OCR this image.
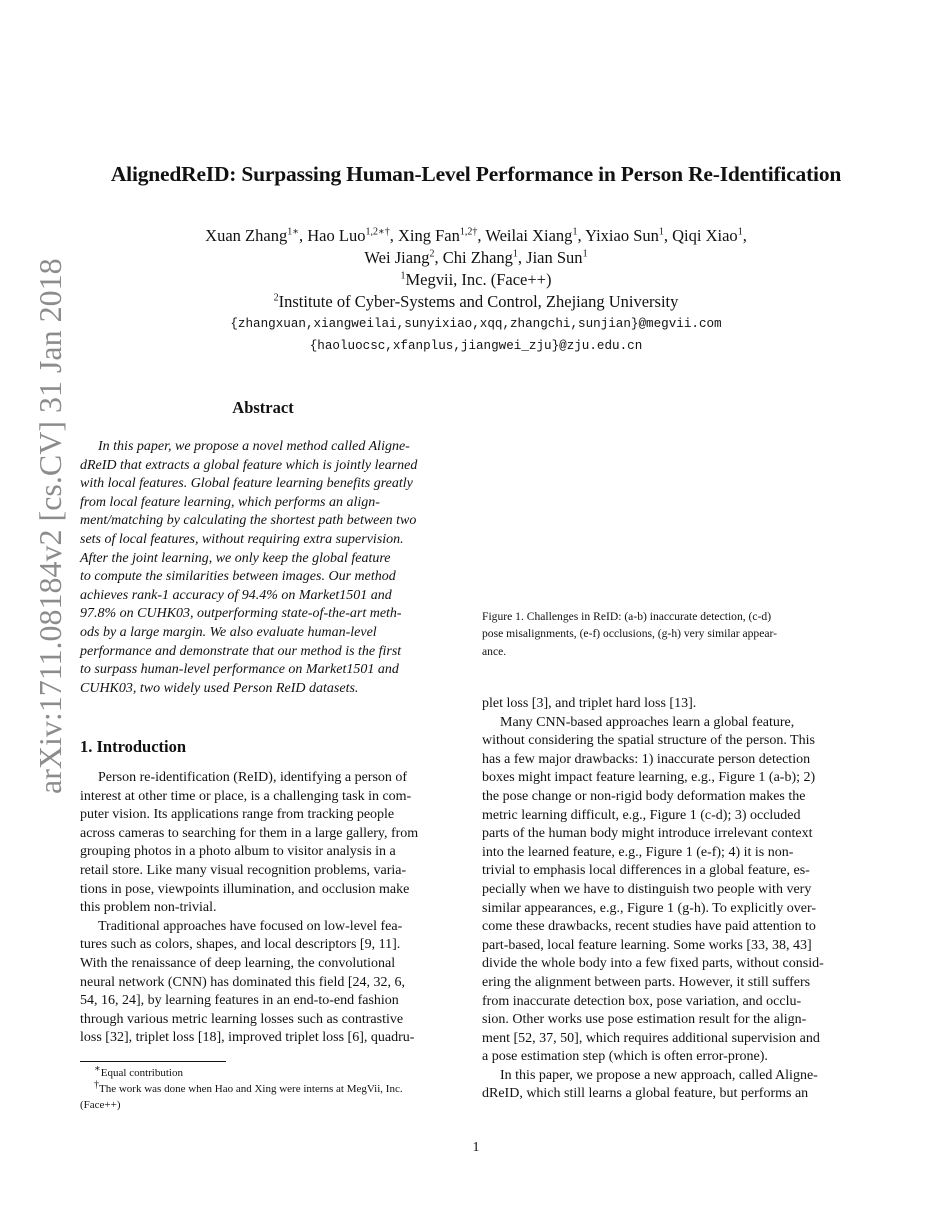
arXiv:1711.08184v2 [cs.CV] 31 Jan 2018
AlignedReID: Surpassing Human-Level Performance in Person Re-Identification
Xuan Zhang$^{1∗}$, Hao Luo$^{1,2∗\dagger}$, Xing Fan$^{1,2\dagger}$, Weilai Xiang$^1$, Yixiao Sun$^1$, Qiqi Xiao$^1$,
Wei Jiang$^2$, Chi Zhang$^1$, Jian Sun$^1$
$^1$Megvii, Inc. (Face++)
$^2$Institute of Cyber-Systems and Control, Zhejiang University
{zhangxuan,xiangweilai,sunyixiao,xqq,zhangchi,sunjian}@megvii.com
{haoluocsc,xfanplus,jiangwei_zju}@zju.edu.cn
Abstract
In this paper, we propose a novel method called Aligne-
dReID that extracts a global feature which is jointly learned
with local features. Global feature learning benefits greatly
from local feature learning, which performs an align-
ment/matching by calculating the shortest path between two
sets of local features, without requiring extra supervision.
After the joint learning, we only keep the global feature
to compute the similarities between images. Our method
achieves rank-1 accuracy of 94.4% on Market1501 and
97.8% on CUHK03, outperforming state-of-the-art meth-
ods by a large margin. We also evaluate human-level
performance and demonstrate that our method is the first
to surpass human-level performance on Market1501 and
CUHK03, two widely used Person ReID datasets.
1. Introduction
Person re-identification (ReID), identifying a person of
interest at other time or place, is a challenging task in com-
puter vision. Its applications range from tracking people
across cameras to searching for them in a large gallery, from
grouping photos in a photo album to visitor analysis in a
retail store. Like many visual recognition problems, varia-
tions in pose, viewpoints illumination, and occlusion make
this problem non-trivial.
Traditional approaches have focused on low-level fea-
tures such as colors, shapes, and local descriptors [9, 11].
With the renaissance of deep learning, the convolutional
neural network (CNN) has dominated this field [24, 32, 6,
54, 16, 24], by learning features in an end-to-end fashion
through various metric learning losses such as contrastive
loss [32], triplet loss [18], improved triplet loss [6], quadru-
∗Equal contribution
†The work was done when Hao and Xing were interns at MegVii, Inc.
(Face++)
Figure 1. Challenges in ReID: (a-b) inaccurate detection, (c-d)
pose misalignments, (e-f) occlusions, (g-h) very similar appear-
ance.
plet loss [3], and triplet hard loss [13].
Many CNN-based approaches learn a global feature,
without considering the spatial structure of the person. This
has a few major drawbacks: 1) inaccurate person detection
boxes might impact feature learning, e.g., Figure 1 (a-b); 2)
the pose change or non-rigid body deformation makes the
metric learning difficult, e.g., Figure 1 (c-d); 3) occluded
parts of the human body might introduce irrelevant context
into the learned feature, e.g., Figure 1 (e-f); 4) it is non-
trivial to emphasis local differences in a global feature, es-
pecially when we have to distinguish two people with very
similar appearances, e.g., Figure 1 (g-h). To explicitly over-
come these drawbacks, recent studies have paid attention to
part-based, local feature learning. Some works [33, 38, 43]
divide the whole body into a few fixed parts, without consid-
ering the alignment between parts. However, it still suffers
from inaccurate detection box, pose variation, and occlu-
sion. Other works use pose estimation result for the align-
ment [52, 37, 50], which requires additional supervision and
a pose estimation step (which is often error-prone).
In this paper, we propose a new approach, called Aligne-
dReID, which still learns a global feature, but performs an
1
